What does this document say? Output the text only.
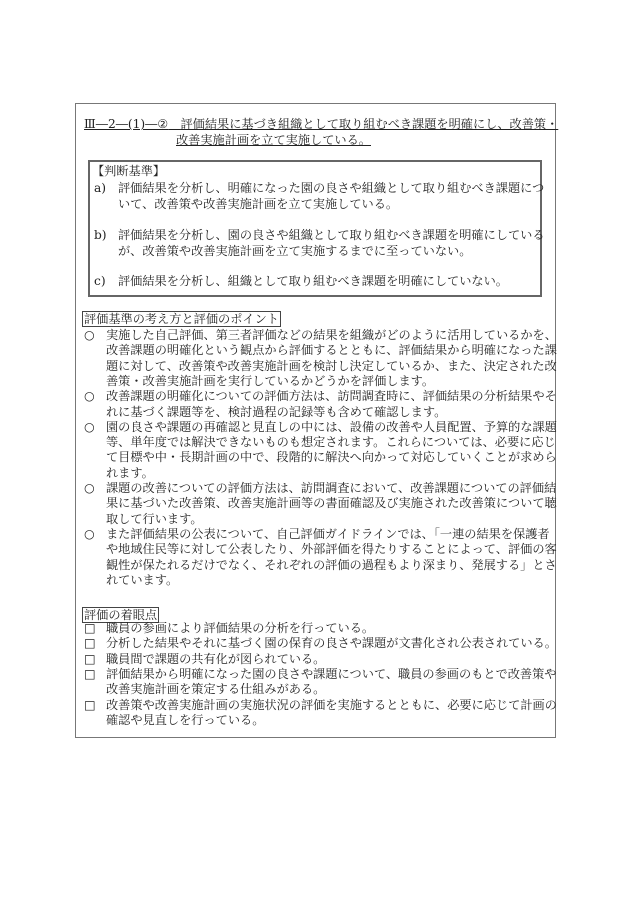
Ⅲ―2―(1)―②　 評価結果に基づき組織として取り組むべき課題を明確にし、改善策・
改善実施計画を立て実施している。
【判断基準】
a) 評価結果を分析し、明確になった園の良さや組織として取り組むべき課題につ
いて、改善策や改善実施計画を立て実施している。
b) 評価結果を分析し、園の良さや組織として取り組むべき課題を明確にしている
が、改善策や改善実施計画を立て実施するまでに至っていない。
c) 評価結果を分析し、組織として取り組むべき課題を明確にしていない。
評価基準の考え方と評価のポイント
○ 実施した自己評価、第三者評価などの結果を組織がどのように活用しているかを、
改善課題の明確化という観点から評価するとともに、評価結果から明確になった課
題に対して、改善策や改善実施計画を検討し決定しているか、また、決定された改
善策・改善実施計画を実行しているかどうかを評価します。
○ 改善課題の明確化についての評価方法は、訪問調査時に、評価結果の分析結果やそ
れに基づく課題等を、検討過程の記録等も含めて確認します。
○ 園の良さや課題の再確認と見直しの中には、設備の改善や人員配置、予算的な課題
等、単年度では解決できないものも想定されます。これらについては、必要に応じ
て目標や中・長期計画の中で、段階的に解決へ向かって対応していくことが求めら
れます。
○ 課題の改善についての評価方法は、訪問調査において、改善課題についての評価結
果に基づいた改善策、改善実施計画等の書面確認及び実施された改善策について聴
取して行います。
○ また評価結果の公表について、自己評価ガイドラインでは、「一連の結果を保護者
や地域住民等に対して公表したり、外部評価を得たりすることによって、評価の客
観性が保たれるだけでなく、それぞれの評価の過程もより深まり、発展する」とさ
れています。
評価の着眼点
□ 職員の参画により評価結果の分析を行っている。
□ 分析した結果やそれに基づく園の保育の良さや課題が文書化され公表されている。
□ 職員間で課題の共有化が図られている。
□ 評価結果から明確になった園の良さや課題について、職員の参画のもとで改善策や
改善実施計画を策定する仕組みがある。
□ 改善策や改善実施計画の実施状況の評価を実施するとともに、必要に応じて計画の
確認や見直しを行っている。
